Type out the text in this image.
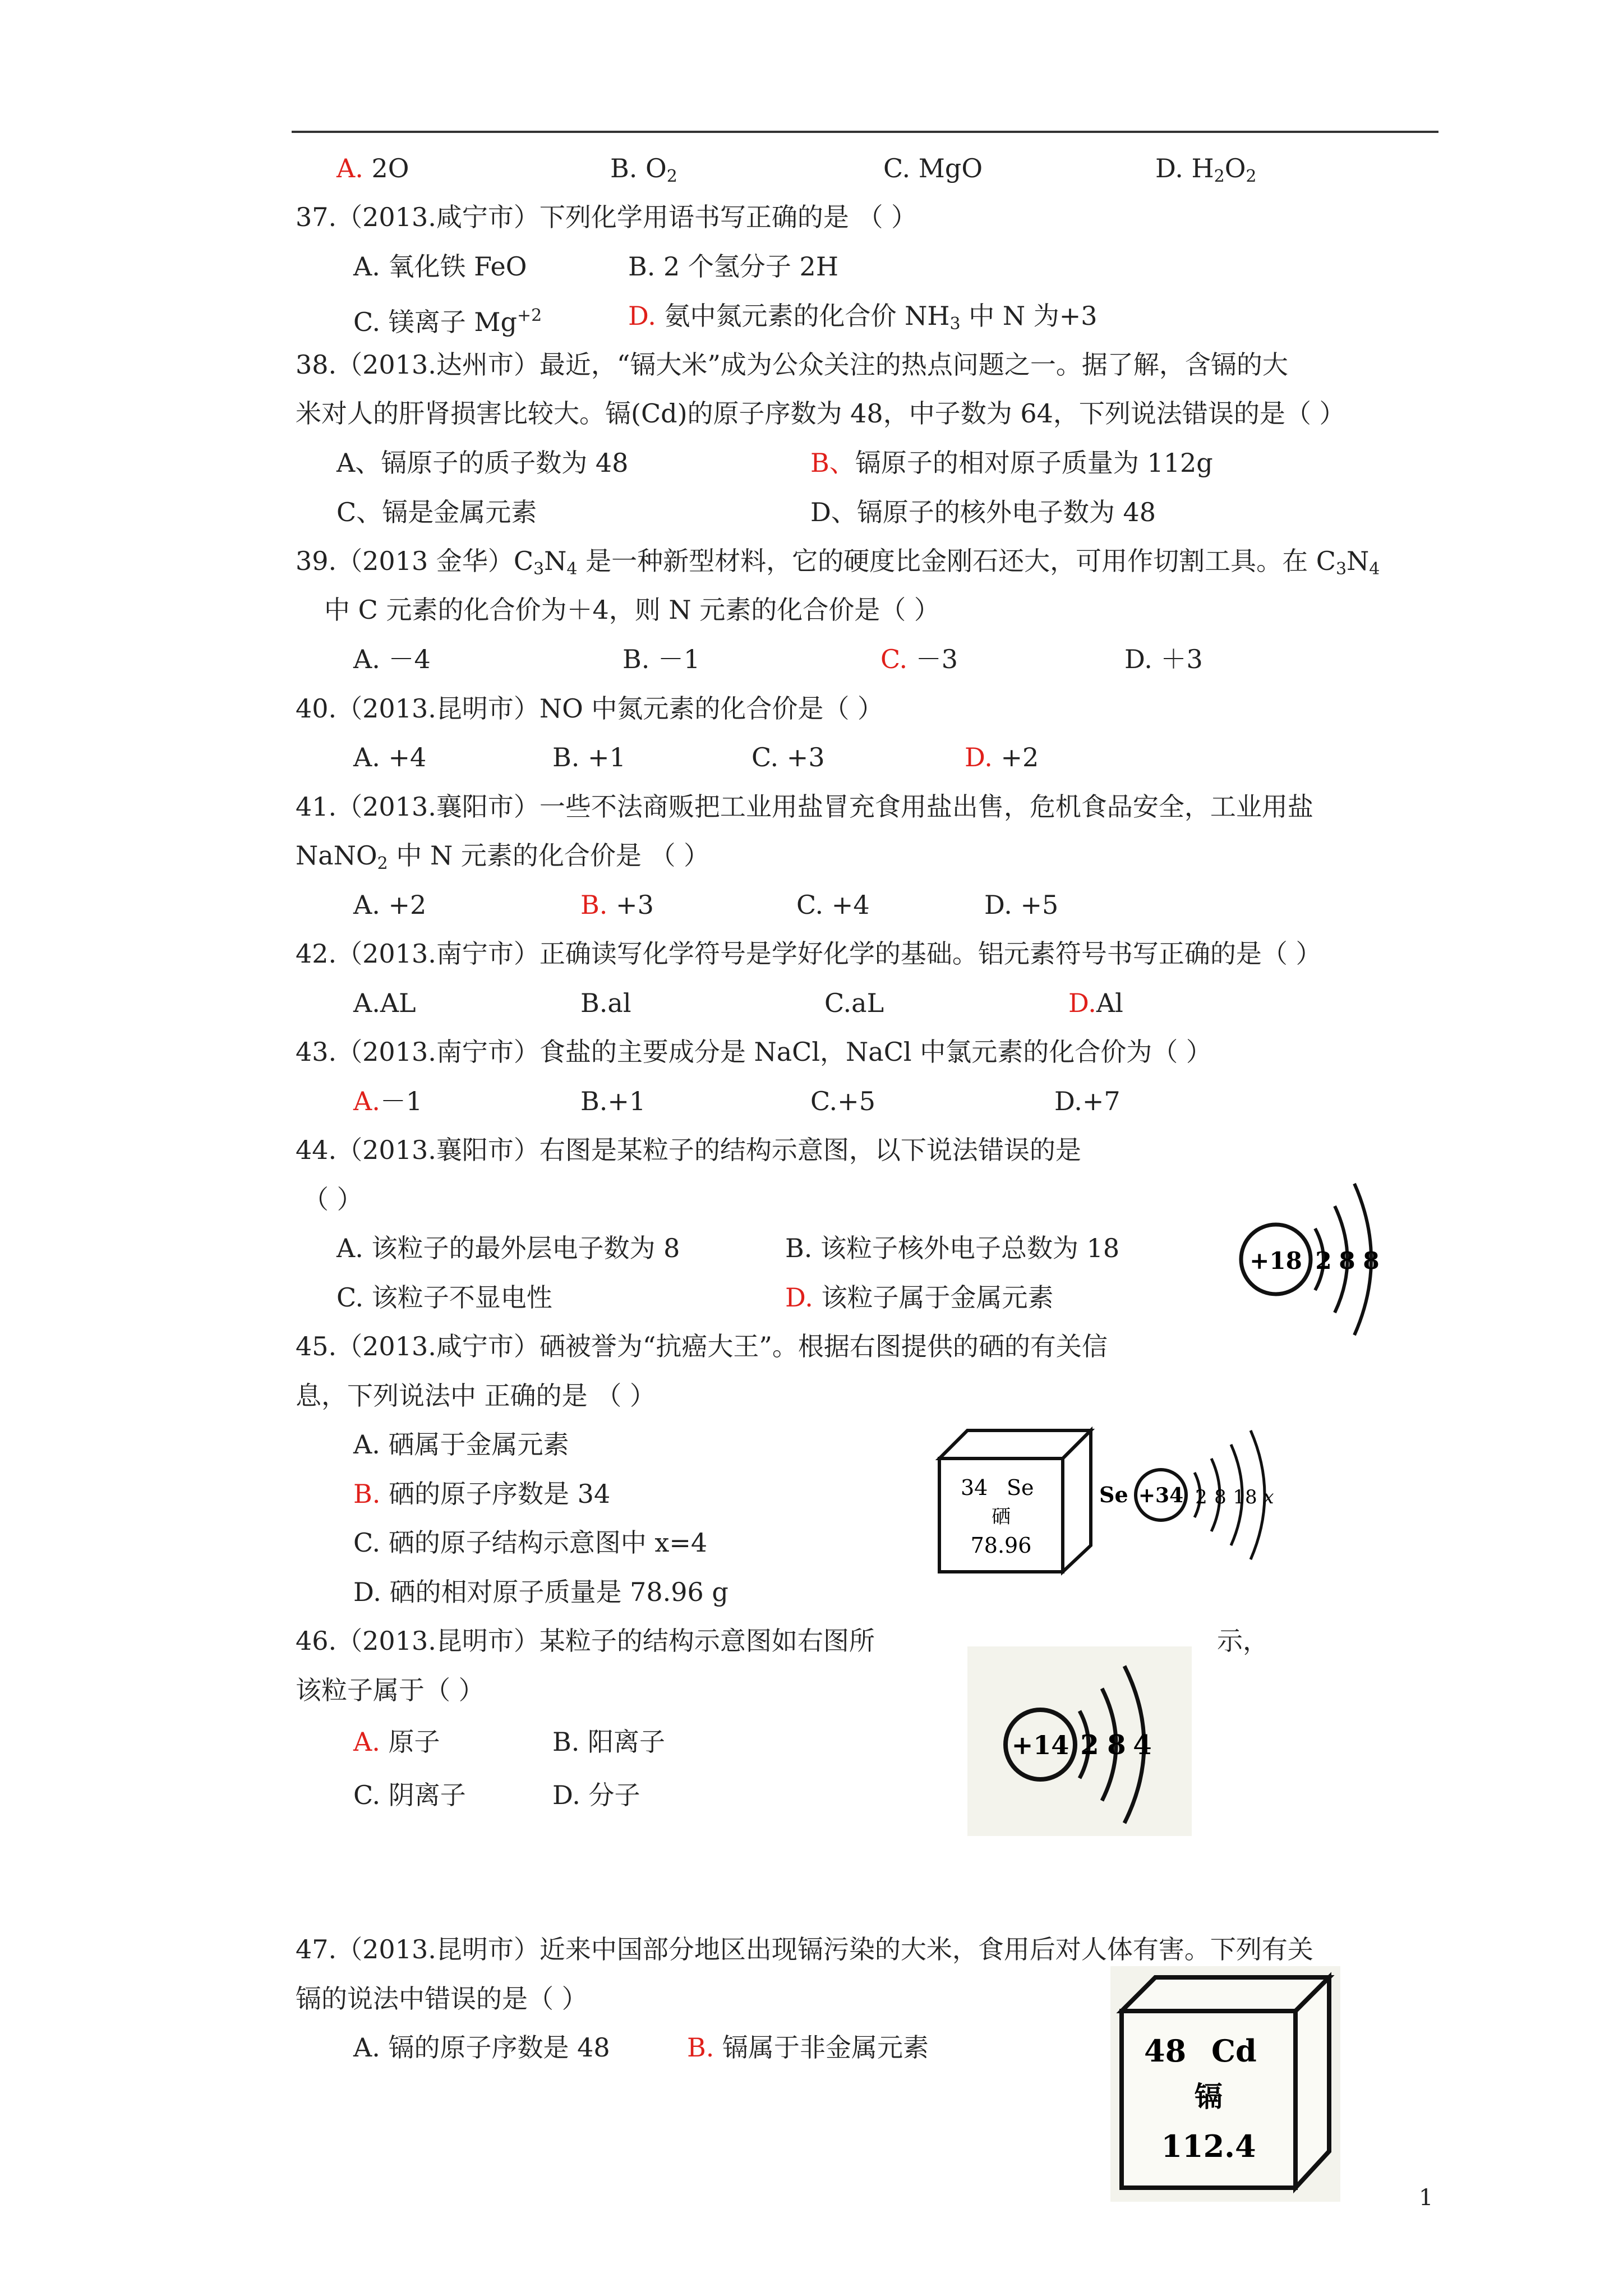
A. 2O	B. $O_2$	C. MgO	D. $H_2O_2$
37.（2013.咸宁市）下列化学用语书写正确的是 （ ）
A. 氧化铁 FeO	B. 2 个氢分子 2H
C. 镁离子 $Mg^{+2}$	D. 氨中氮元素的化合价 $NH_3$ 中 N 为+3
38.（2013.达州市）最近，“镉大米”成为公众关注的热点问题之一。据了解，含镉的大
米对人的肝肾损害比较大。镉(Cd)的原子序数为 48，中子数为 64，下列说法错误的是（ ）
A、镉原子的质子数为 48	B、镉原子的相对原子质量为 112g
C、镉是金属元素	D、镉原子的核外电子数为 48
39.（2013 金华）$C_3N_4$ 是一种新型材料，它的硬度比金刚石还大，可用作切割工具。在 $C_3N_4$
中 C 元素的化合价为＋4，则 N 元素的化合价是（ ）
A. －4	B. －1	C. －3	D. ＋3
40.（2013.昆明市）NO 中氮元素的化合价是（ ）
A. +4	B. +1	C. +3	D. +2
41.（2013.襄阳市）一些不法商贩把工业用盐冒充食用盐出售，危机食品安全，工业用盐
NaNO$_2$ 中 N 元素的化合价是 （ ）
A. +2	B. +3	C. +4	D. +5
42.（2013.南宁市）正确读写化学符号是学好化学的基础。铝元素符号书写正确的是（ ）
A.AL	B.al	C.aL	D.Al
43.（2013.南宁市）食盐的主要成分是 NaCl，NaCl 中氯元素的化合价为（ ）
A.－1	B.+1	C.+5	D.+7
44.（2013.襄阳市）右图是某粒子的结构示意图，以下说法错误的是
（ ）
A. 该粒子的最外层电子数为 8	B. 该粒子核外电子总数为 18
C. 该粒子不显电性	D. 该粒子属于金属元素
+18 2 8 8
45.（2013.咸宁市）硒被誉为“抗癌大王”。根据右图提供的硒的有关信
息，下列说法中 正确的是 （ ）
A. 硒属于金属元素
B. 硒的原子序数是 34
C. 硒的原子结构示意图中 x=4
D. 硒的相对原子质量是 78.96 g
34 Se
硒
78.96
Se +34 2 8 18 x
46.（2013.昆明市）某粒子的结构示意图如右图所	示，
该粒子属于（ ）
A. 原子	B. 阳离子
C. 阴离子	D. 分子
+14 2 8 4
47.（2013.昆明市）近来中国部分地区出现镉污染的大米，食用后对人体有害。下列有关
镉的说法中错误的是（ ）
A. 镉的原子序数是 48	B. 镉属于非金属元素	48 Cd
镉
112.4
1
